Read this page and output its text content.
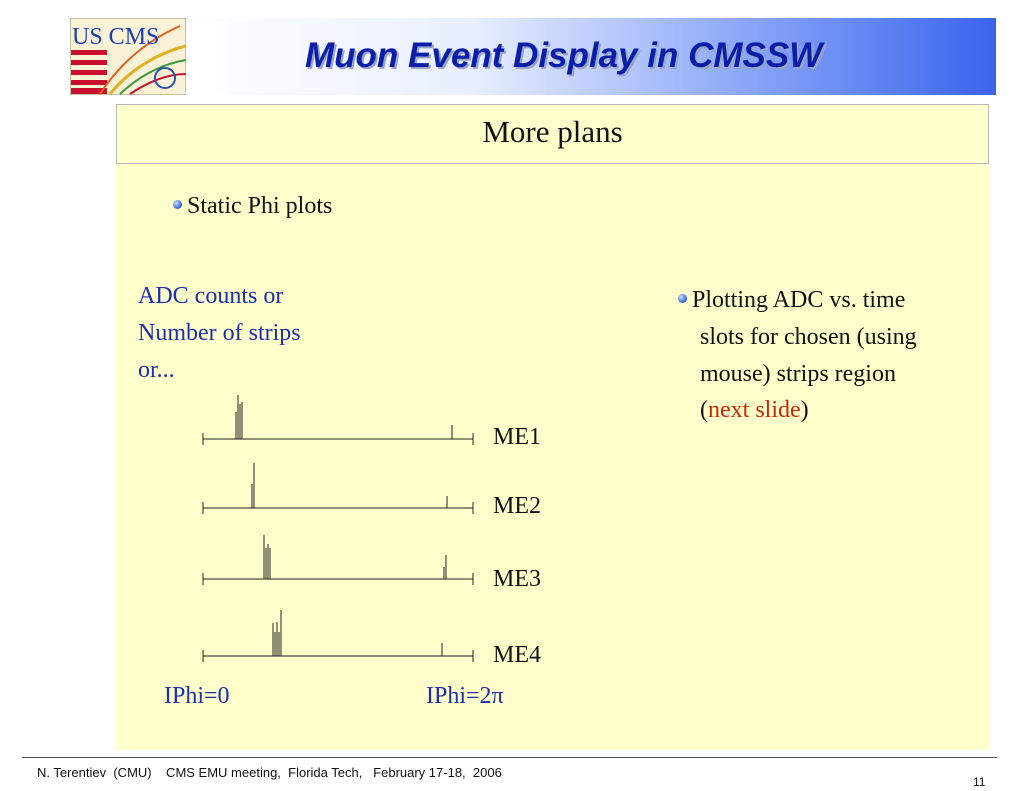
US CMS	Muon Event Display in CMSSW
More plans
Static Phi plots
ADC counts or
Number of strips
or...
Plotting ADC vs. time
slots for chosen (using
mouse) strips region
(next slide)
ME1
ME2
ME3
ME4
IPhi=0	IPhi=2π
N. Terentiev  (CMU)    CMS EMU meeting,  Florida Tech,   February 17-18,  2006
11
